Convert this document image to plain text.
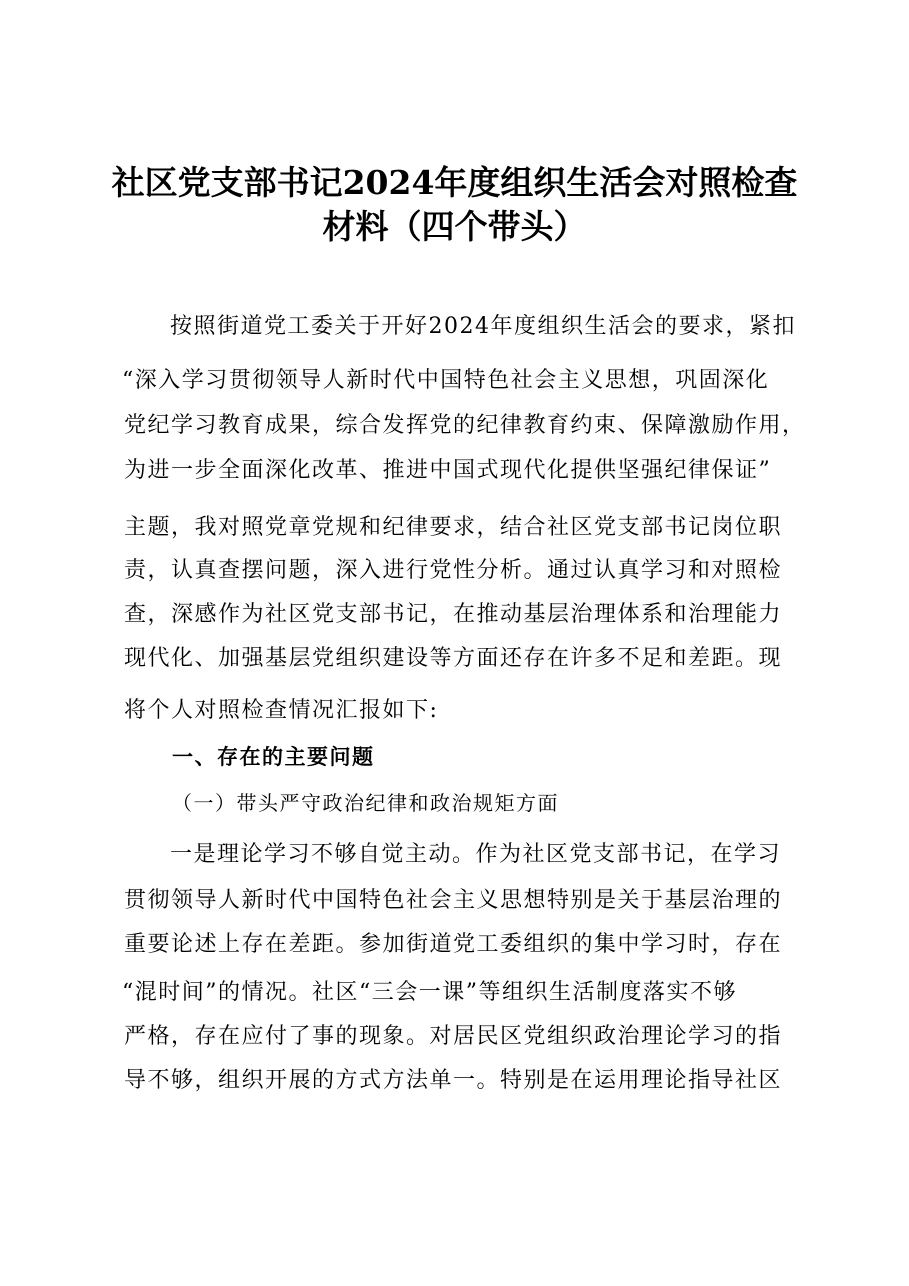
社区党支部书记2024年度组织生活会对照检查
材料（四个带头）
按照街道党工委关于开好2024年度组织生活会的要求，紧扣
“深入学习贯彻领导人新时代中国特色社会主义思想，巩固深化
党纪学习教育成果，综合发挥党的纪律教育约束、保障激励作用，
为进一步全面深化改革、推进中国式现代化提供坚强纪律保证”
主题，我对照党章党规和纪律要求，结合社区党支部书记岗位职
责，认真查摆问题，深入进行党性分析。通过认真学习和对照检
查，深感作为社区党支部书记，在推动基层治理体系和治理能力
现代化、加强基层党组织建设等方面还存在许多不足和差距。现
将个人对照检查情况汇报如下:
一、存在的主要问题
（一）带头严守政治纪律和政治规矩方面
一是理论学习不够自觉主动。作为社区党支部书记，在学习
贯彻领导人新时代中国特色社会主义思想特别是关于基层治理的
重要论述上存在差距。参加街道党工委组织的集中学习时，存在
“混时间”的情况。社区“三会一课”等组织生活制度落实不够
严格，存在应付了事的现象。对居民区党组织政治理论学习的指
导不够，组织开展的方式方法单一。特别是在运用理论指导社区
